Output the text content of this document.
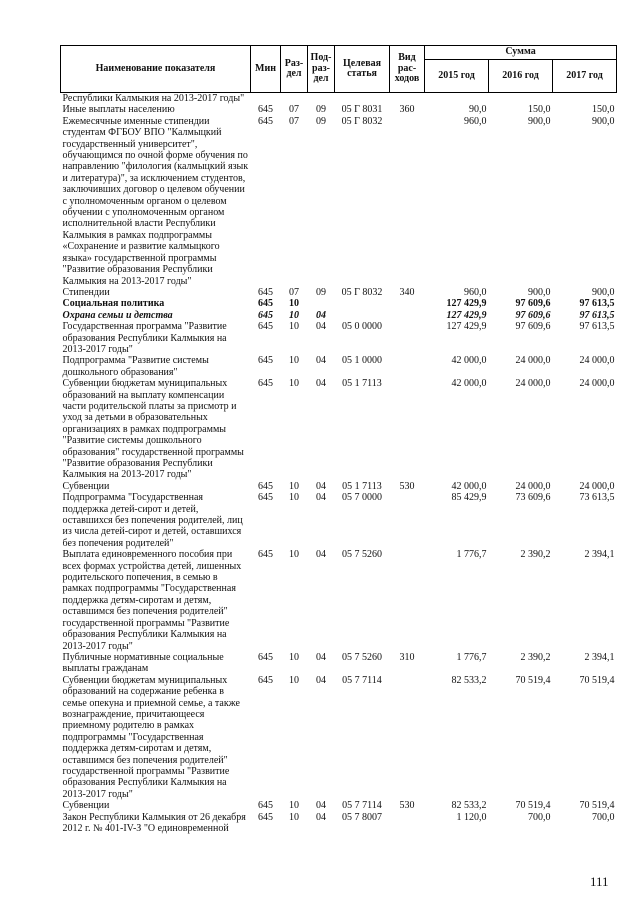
Наименование показателя	Мин	Раз-дел	Под-раз-дел	Целевая статья	Вид рас-ходов	Сумма		
						2015 год	2016 год	2017 год
Республики Калмыкия на 2013-2017 годы"								
Иные выплаты населению	645	07	09	05 Г 8031	360	90,0	150,0	150,0
Ежемесячные именные стипендии студентам ФГБОУ ВПО "Калмыцкий государственный университет", обучающимся по очной форме обучения по направлению "филология (калмыцкий язык и литература)", за исключением студентов, заключивших договор о целевом обучении с уполномоченным органом о целевом обучении с уполномоченным органом исполнительной власти Республики Калмыкия в рамках подпрограммы «Сохранение и развитие калмыцкого языка» государственной программы "Развитие образования Республики Калмыкия на 2013-2017 годы"	645	07	09	05 Г 8032		960,0	900,0	900,0
Стипендии	645	07	09	05 Г 8032	340	960,0	900,0	900,0
Социальная политика	645	10				127 429,9	97 609,6	97 613,5
Охрана семьи и детства	645	10	04			127 429,9	97 609,6	97 613,5
Государственная программа "Развитие образования Республики Калмыкия на 2013-2017 годы"	645	10	04	05 0 0000		127 429,9	97 609,6	97 613,5
Подпрограмма "Развитие системы дошкольного образования"	645	10	04	05 1 0000		42 000,0	24 000,0	24 000,0
Субвенции бюджетам муниципальных образований на выплату компенсации части родительской платы за присмотр и уход за детьми в образовательных организациях в рамках подпрограммы "Развитие системы дошкольного образования" государственной программы "Развитие образования Республики Калмыкия на 2013-2017 годы"	645	10	04	05 1 7113		42 000,0	24 000,0	24 000,0
Субвенции	645	10	04	05 1 7113	530	42 000,0	24 000,0	24 000,0
Подпрограмма "Государственная поддержка детей-сирот и детей, оставшихся без попечения родителей, лиц из числа детей-сирот и детей, оставшихся без попечения родителей"	645	10	04	05 7 0000		85 429,9	73 609,6	73 613,5
Выплата единовременного пособия при всех формах устройства детей, лишенных родительского попечения, в семью в рамках подпрограммы "Государственная поддержка детям-сиротам и детям, оставшимся без попечения родителей" государственной программы "Развитие образования Республики Калмыкия на 2013-2017 годы"	645	10	04	05 7 5260		1 776,7	2 390,2	2 394,1
Публичные нормативные социальные выплаты гражданам	645	10	04	05 7 5260	310	1 776,7	2 390,2	2 394,1
Субвенции бюджетам муниципальных образований на содержание ребенка в семье опекуна и приемной семье, а также вознаграждение, причитающееся приемному родителю в рамках подпрограммы "Государственная поддержка детям-сиротам и детям, оставшимся без попечения родителей" государственной программы "Развитие образования Республики Калмыкия на 2013-2017 годы"	645	10	04	05 7 7114		82 533,2	70 519,4	70 519,4
Субвенции	645	10	04	05 7 7114	530	82 533,2	70 519,4	70 519,4
Закон Республики Калмыкия от 26 декабря 2012 г. № 401-IV-З "О единовременной	645	10	04	05 7 8007		1 120,0	700,0	700,0
111
